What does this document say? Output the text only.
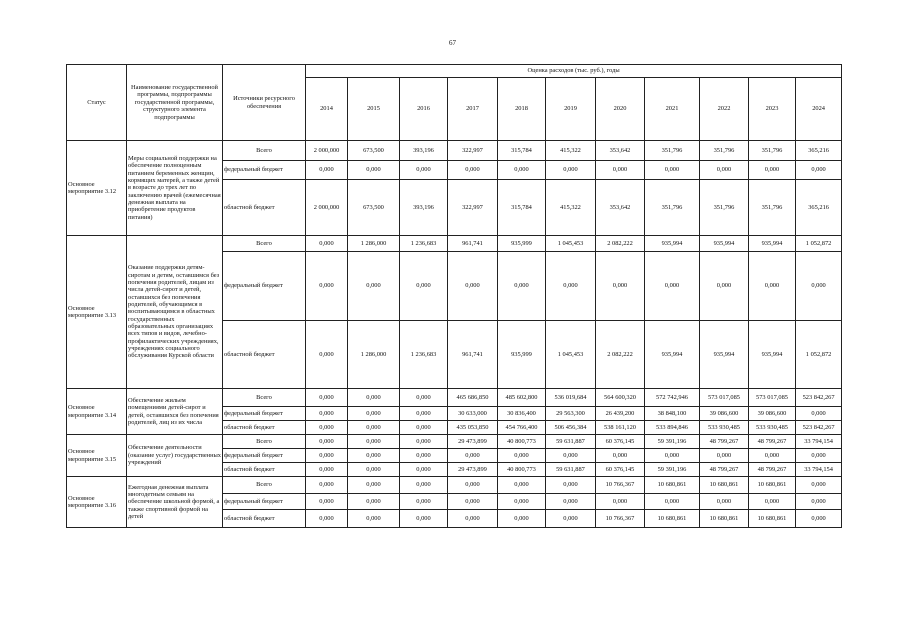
67
Статус	Наименование государственной программы, подпрограммы государственной программы, структурного элемента подпрограммы	Источники ресурсного обеспечения	Оценка расходов (тыс. руб.), годы										
			2014	2015	2016	2017	2018	2019	2020	2021	2022	2023	2024
Основное мероприятие 3.12	Меры социальной поддержки на обеспечение полноценным питанием беременных женщин, кормящих матерей, а также детей в возрасте до трех лет по заключению врачей (ежемесячная денежная выплата на приобретение продуктов питания)	Всего	2 000,000	673,500	393,196	322,997	315,784	415,322	353,642	351,796	351,796	351,796	365,216
		федеральный бюджет	0,000	0,000	0,000	0,000	0,000	0,000	0,000	0,000	0,000	0,000	0,000
		областной бюджет	2 000,000	673,500	393,196	322,997	315,784	415,322	353,642	351,796	351,796	351,796	365,216
Основное мероприятие 3.13	Оказание поддержки детям-сиротам и детям, оставшимся без попечения родителей, лицам из числа детей-сирот и детей, оставшихся без попечения родителей, обучающимся в воспитывающимся в областных государственных образовательных организациях всех типов и видов, лечебно-профилактических учреждениях, учреждениях социального обслуживания Курской области	Всего	0,000	1 286,000	1 236,683	961,741	935,999	1 045,453	2 082,222	935,994	935,994	935,994	1 052,872
		федеральный бюджет	0,000	0,000	0,000	0,000	0,000	0,000	0,000	0,000	0,000	0,000	0,000
		областной бюджет	0,000	1 286,000	1 236,683	961,741	935,999	1 045,453	2 082,222	935,994	935,994	935,994	1 052,872
Основное мероприятие 3.14	Обеспечение жильем помещениями детей-сирот и детей, оставшихся без попечения родителей, лиц из их числа	Всего	0,000	0,000	0,000	465 686,850	485 602,800	536 019,684	564 600,320	572 742,946	573 017,085	573 017,085	523 842,267
		федеральный бюджет	0,000	0,000	0,000	30 633,000	30 836,400	29 563,300	26 439,200	38 848,100	39 086,600	39 086,600	0,000
		областной бюджет	0,000	0,000	0,000	435 053,850	454 766,400	506 456,384	538 161,120	533 894,846	533 930,485	533 930,485	523 842,267
Основное мероприятие 3.15	Обеспечение деятельности (оказание услуг) государственных учреждений	Всего	0,000	0,000	0,000	29 473,899	40 800,773	59 631,887	60 376,145	59 391,196	48 799,267	48 799,267	33 794,154
		федеральный бюджет	0,000	0,000	0,000	0,000	0,000	0,000	0,000	0,000	0,000	0,000	0,000
		областной бюджет	0,000	0,000	0,000	29 473,899	40 800,773	59 631,887	60 376,145	59 391,196	48 799,267	48 799,267	33 794,154
Основное мероприятие 3.16	Ежегодная денежная выплата многодетным семьям на обеспечение школьной формой, а также спортивной формой на детей	Всего	0,000	0,000	0,000	0,000	0,000	0,000	10 766,367	10 680,861	10 680,861	10 680,861	0,000
		федеральный бюджет	0,000	0,000	0,000	0,000	0,000	0,000	0,000	0,000	0,000	0,000	0,000
		областной бюджет	0,000	0,000	0,000	0,000	0,000	0,000	10 766,367	10 680,861	10 680,861	10 680,861	0,000
